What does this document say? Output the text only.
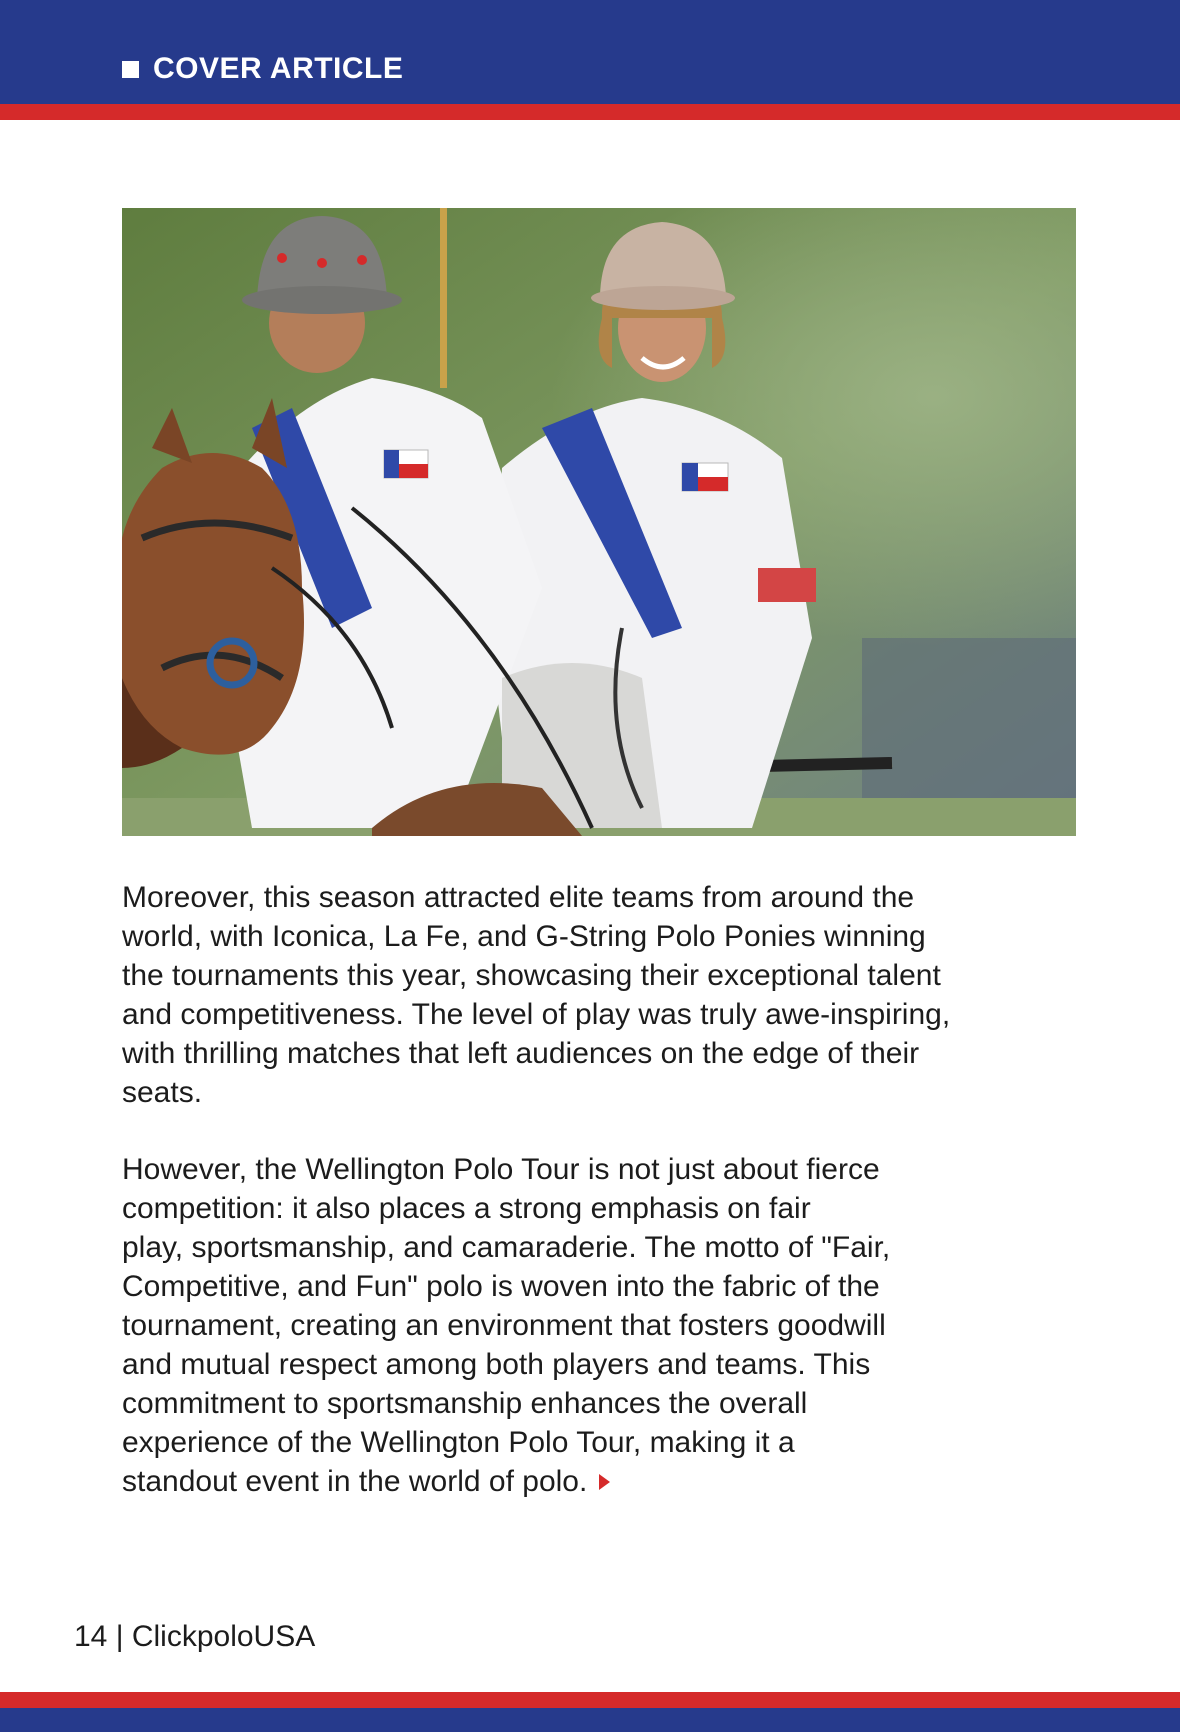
COVER ARTICLE

Moreover, this season attracted elite teams from around the
world, with Iconica, La Fe, and G-String Polo Ponies winning
the tournaments this year, showcasing their exceptional talent
and competitiveness. The level of play was truly awe-inspiring,
with thrilling matches that left audiences on the edge of their
seats.

However, the Wellington Polo Tour is not just about fierce
competition: it also places a strong emphasis on fair
play, sportsmanship, and camaraderie. The motto of "Fair,
Competitive, and Fun" polo is woven into the fabric of the
tournament, creating an environment that fosters goodwill
and mutual respect among both players and teams. This
commitment to sportsmanship enhances the overall
experience of the Wellington Polo Tour, making it a
standout event in the world of polo.

14 | ClickpoloUSA
